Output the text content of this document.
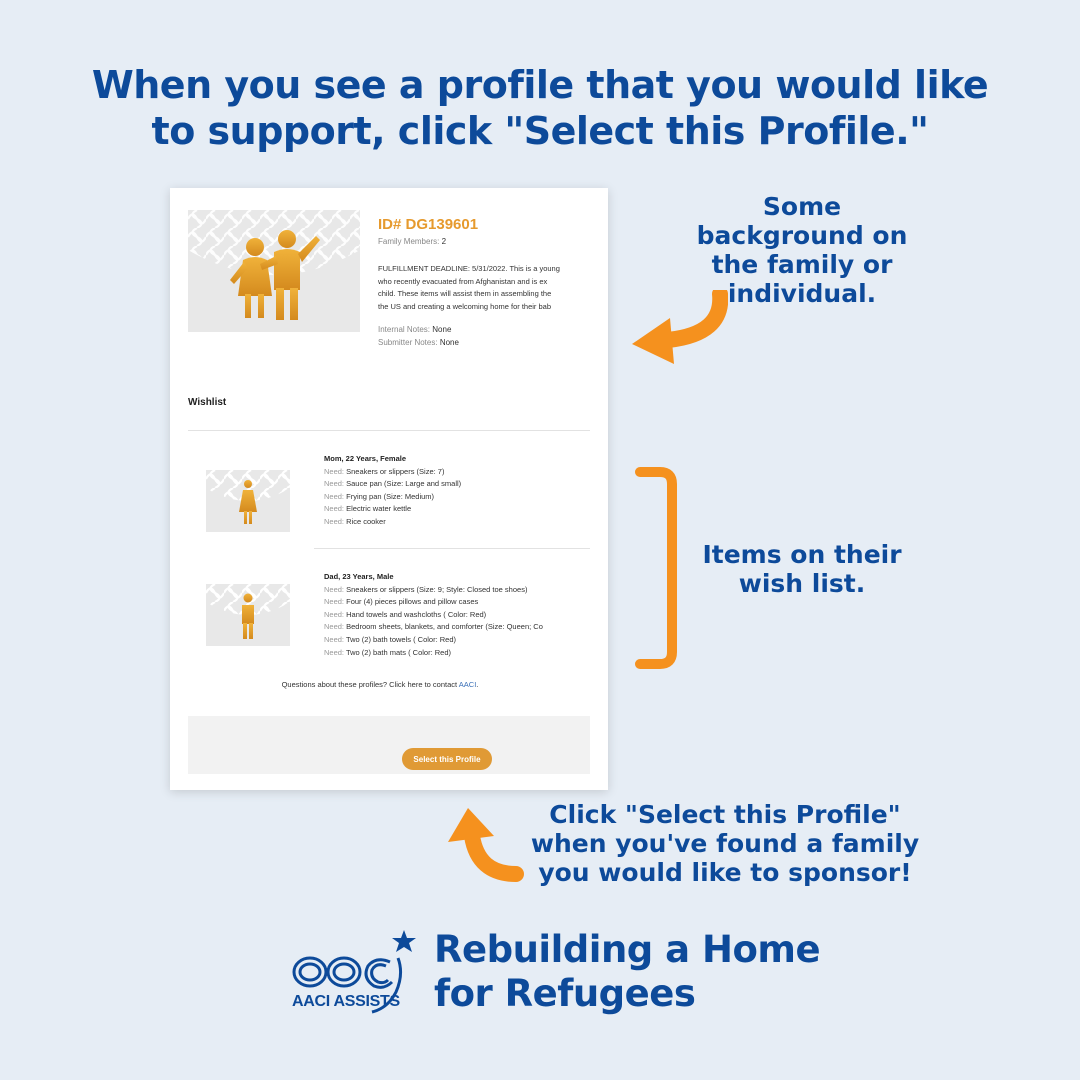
When you see a profile that you would like
to support, click "Select this Profile."
ID# DG139601
Family Members: 2
FULFILLMENT DEADLINE: 5/31/2022. This is a young
who recently evacuated from Afghanistan and is ex
child. These items will assist them in assembling the
the US and creating a welcoming home for their bab
Internal Notes: None
Submitter Notes: None
Wishlist
Mom, 22 Years, Female
Need: Sneakers or slippers (Size: 7)
Need: Sauce pan (Size: Large and small)
Need: Frying pan (Size: Medium)
Need: Electric water kettle
Need: Rice cooker
Dad, 23 Years, Male
Need: Sneakers or slippers (Size: 9; Style: Closed toe shoes)
Need: Four (4) pieces pillows and pillow cases
Need: Hand towels and washcloths ( Color: Red)
Need: Bedroom sheets, blankets, and comforter (Size: Queen; Co
Need: Two (2) bath towels ( Color: Red)
Need: Two (2) bath mats ( Color: Red)
Questions about these profiles? Click here to contact AACI.
Select this Profile
Some background on the family or individual.
Items on their wish list.
Click "Select this Profile" when you've found a family you would like to sponsor!
AACI ASSISTS
Rebuilding a Home
for Refugees
